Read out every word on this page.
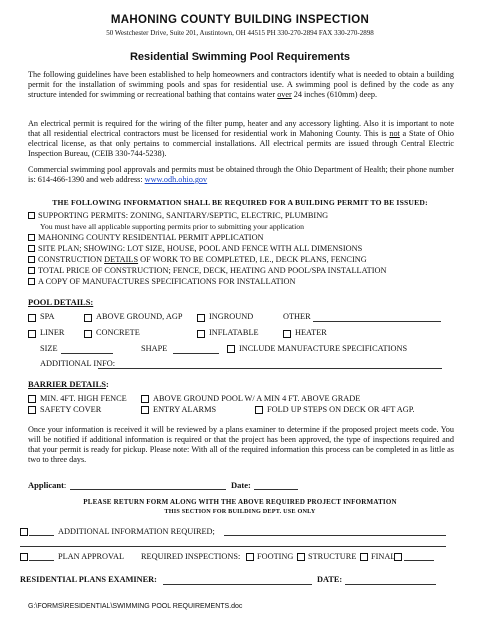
MAHONING COUNTY BUILDING INSPECTION
50 Westchester Drive, Suite 201, Austintown, OH 44515 PH 330-270-2894 FAX 330-270-2898
Residential Swimming Pool Requirements
The following guidelines have been established to help homeowners and contractors identify what is needed to obtain a building permit for the installation of swimming pools and spas for residential use. A swimming pool is defined by the code as any structure intended for swimming or recreational bathing that contains water over 24 inches (610mm) deep.
An electrical permit is required for the wiring of the filter pump, heater and any accessory lighting. Also it is important to note that all residential electrical contractors must be licensed for residential work in Mahoning County. This is not a State of Ohio electrical license, as that only pertains to commercial installations. All electrical permits are issued through Central Electric Inspection Bureau, (CEIB 330-744-5238).
Commercial swimming pool approvals and permits must be obtained through the Ohio Department of Health; their phone number is: 614-466-1390 and web address: www.odh.ohio.gov
THE FOLLOWING INFORMATION SHALL BE REQUIRED FOR A BUILDING PERMIT TO BE ISSUED:
SUPPORTING PERMITS: ZONING, SANITARY/SEPTIC, ELECTRIC, PLUMBING
You must have all applicable supporting permits prior to submitting your application
MAHONING COUNTY RESIDENTIAL PERMIT APPLICATION
SITE PLAN; SHOWING: LOT SIZE, HOUSE, POOL AND FENCE WITH ALL DIMENSIONS
CONSTRUCTION DETAILS OF WORK TO BE COMPLETED, I.E., DECK PLANS, FENCING
TOTAL PRICE OF CONSTRUCTION; FENCE, DECK, HEATING AND POOL/SPA INSTALLATION
A COPY OF MANUFACTURES SPECIFICATIONS FOR INSTALLATION
POOL DETAILS:
SPA	ABOVE GROUND, AGP	INGROUND	OTHER
LINER	CONCRETE	INFLATABLE	HEATER
SIZE	SHAPE	INCLUDE MANUFACTURE SPECIFICATIONS
ADDITIONAL INFO:
BARRIER DETAILS:
MIN. 4FT. HIGH FENCE	ABOVE GROUND POOL W/ A MIN 4 FT. ABOVE GRADE
SAFETY COVER	ENTRY ALARMS	FOLD UP STEPS ON DECK OR 4FT AGP.
Once your information is received it will be reviewed by a plans examiner to determine if the proposed project meets code. You will be notified if additional information is required or that the project has been approved, the type of inspections required and that your permit is ready for pickup. Please note: With all of the required information this process can be completed in as little as two to three days.
Applicant:	Date:
PLEASE RETURN FORM ALONG WITH THE ABOVE REQUIRED PROJECT INFORMATION
THIS SECTION FOR BUILDING DEPT. USE ONLY
ADDITIONAL INFORMATION REQUIRED;
PLAN APPROVAL REQUIRED INSPECTIONS: FOOTING STRUCTURE FINAL
RESIDENTIAL PLANS EXAMINER:	DATE:
G:\FORMS\RESIDENTIAL\SWIMMING POOL REQUIREMENTS.doc
